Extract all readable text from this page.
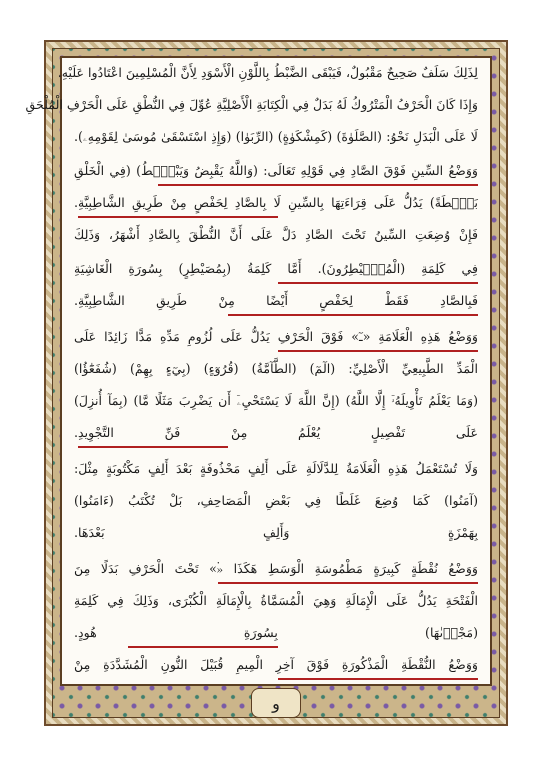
لِذَلِكَ سَلَفٌ صَحِيحٌ مَقْبُولٌ، فَيَبْقَى الضَّبْطُ بِاللَّوْنِ الْأَسْوَدِ لِأَنَّ الْمُسْلِمِينَ اعْتَادُوا عَلَيْهِ.
وَإِذَا كَانَ الْحَرْفُ الْمَتْرُوكُ لَهُ بَدَلٌ فِي الْكِتَابَةِ الْأَصْلِيَّةِ عُوِّلَ فِي النُّطْقِ عَلَى الْحَرْفِ الْمُلْحَقِ
لَا عَلَى الْبَدَلِ نَحْوُ: (الصَّلَوٰةَ) (كَمِشْكَوٰةٍ) (الرِّبَوٰا) (وَإِذِ اسْتَسْقَىٰ مُوسَىٰ لِقَوْمِهِۦ).
وَوَضْعُ السِّينِ فَوْقَ الصَّادِ فِي قَوْلِهِ تَعَالَى: (وَاللَّهُ يَقْبِضُ وَيَبْصُۜطُ) (فِي الْخَلْقِ
بَصْۜطَةً) يَدُلُّ عَلَى قِرَاءَتِهَا بِالسِّينِ لَا بِالصَّادِ لِحَفْصٍ مِنْ طَرِيقِ الشَّاطِبِيَّةِ.
فَإِنْ وُضِعَتِ السِّينُ تَحْتَ الصَّادِ دَلَّ عَلَى أَنَّ النُّطْقَ بِالصَّادِ أَشْهَرُ، وَذَلِكَ
فِي كَلِمَةِ (الْمُصَۣيْطِرُونَ). أَمَّا كَلِمَةُ (بِمُصَيْطِرٍ) بِسُورَةِ الْغَاشِيَةِ
فَبِالصَّادِ فَقَطْ لِحَفْصٍ أَيْضًا مِنْ طَرِيقِ الشَّاطِبِيَّةِ.
وَوَضْعُ هَذِهِ الْعَلَامَةِ «ـٓ» فَوْقَ الْحَرْفِ يَدُلُّ عَلَى لُزُومِ مَدِّهِ مَدًّا زَائِدًا عَلَى
الْمَدِّ الطَّبِيعِيِّ الْأَصْلِيِّ: (الٓمٓ) (الطَّآمَّةُ) (قُرُوٓءٍ) (بِيٓءٍ بِهِمْ) (شُفَعَٰٓؤُا)
(وَمَا يَعْلَمُ تَأْوِيلَهُۥٓ إِلَّا اللَّهُ) (إِنَّ اللَّهَ لَا يَسْتَحْيِۦٓ أَن يَضْرِبَ مَثَلًا مَّا) (بِمَآ أُنزِلَ)
عَلَى تَفْصِيلٍ يُعْلَمُ مِنْ فَنِّ التَّجْوِيدِ.
وَلَا تُسْتَعْمَلُ هَذِهِ الْعَلَامَةُ لِلدَّلَالَةِ عَلَى أَلِفٍ مَحْذُوفَةٍ بَعْدَ أَلِفٍ مَكْتُوبَةٍ مِثْلَ:
(آمَنُوا) كَمَا وُضِعَ غَلَطًا فِي بَعْضِ الْمَصَاحِفِ، بَلْ تُكْتَبُ (ءَامَنُوا)
بِهَمْزَةٍ وَأَلِفٍ بَعْدَهَا.
وَوَضْعُ نُقْطَةٍ كَبِيرَةٍ مَطْمُوسَةِ الْوَسَطِ هَكَذَا «۬» تَحْتَ الْحَرْفِ بَدَلًا مِنَ
الْفَتْحَةِ يَدُلُّ عَلَى الْإِمَالَةِ وَهِيَ الْمُسَمَّاةُ بِالْإِمَالَةِ الْكُبْرَى، وَذَلِكَ فِي كَلِمَةِ
(مَجْر۪ىٰهَا) بِسُورَةِ هُودٍ.
وَوَضْعُ النُّقْطَةِ الْمَذْكُورَةِ فَوْقَ آخِرِ الْمِيمِ قُبَيْلَ النُّونِ الْمُشَدَّدَةِ مِنْ
و
